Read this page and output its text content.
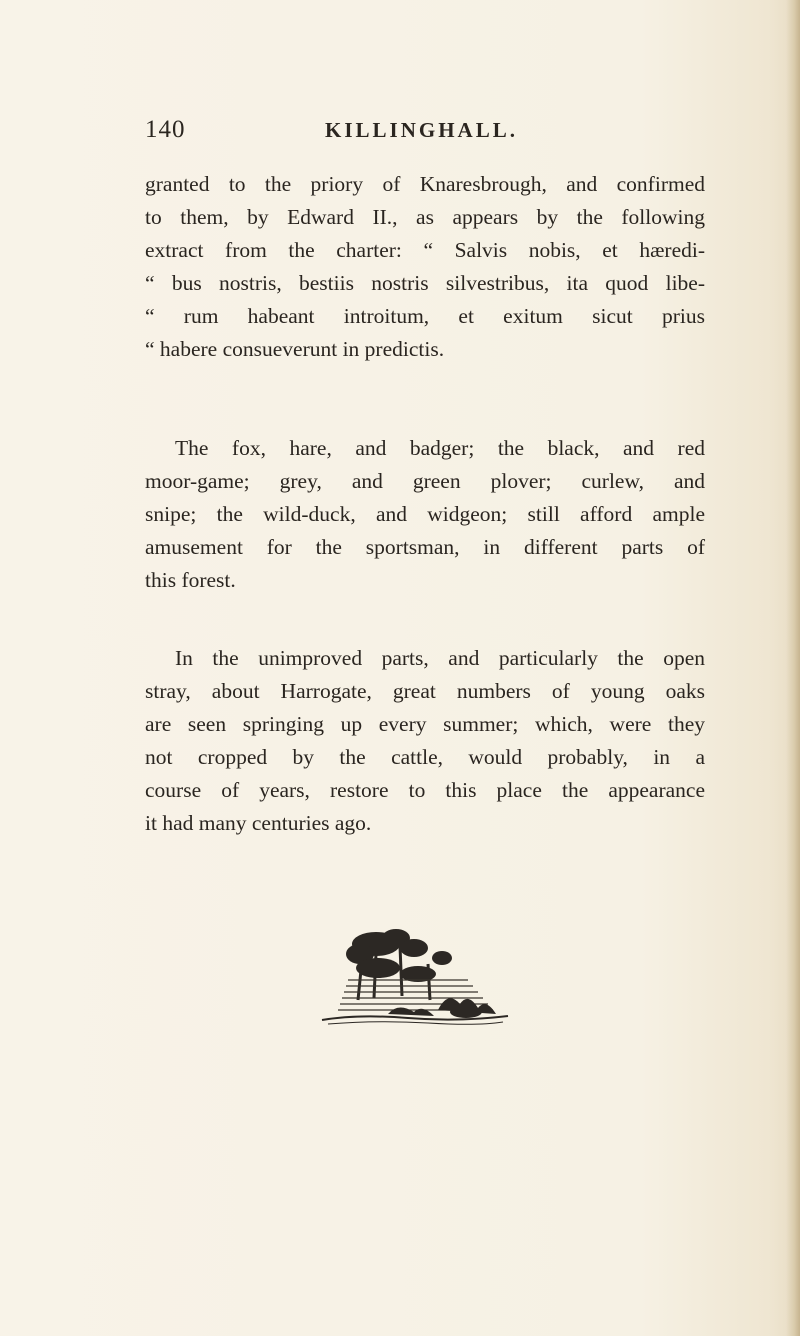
140	KILLINGHALL.
granted to the priory of Knaresbrough, and confirmed
to them, by Edward II., as appears by the following
extract from the charter: “ Salvis nobis, et hæredi-
“ bus nostris, bestiis nostris silvestribus, ita quod libe-
“ rum habeant introitum, et exitum sicut prius
“ habere consueverunt in predictis.
The fox, hare, and badger; the black, and red
moor-game; grey, and green plover; curlew, and
snipe; the wild-duck, and widgeon; still afford ample
amusement for the sportsman, in different parts of
this forest.
In the unimproved parts, and particularly the open
stray, about Harrogate, great numbers of young oaks
are seen springing up every summer; which, were they
not cropped by the cattle, would probably, in a
course of years, restore to this place the appearance
it had many centuries ago.
